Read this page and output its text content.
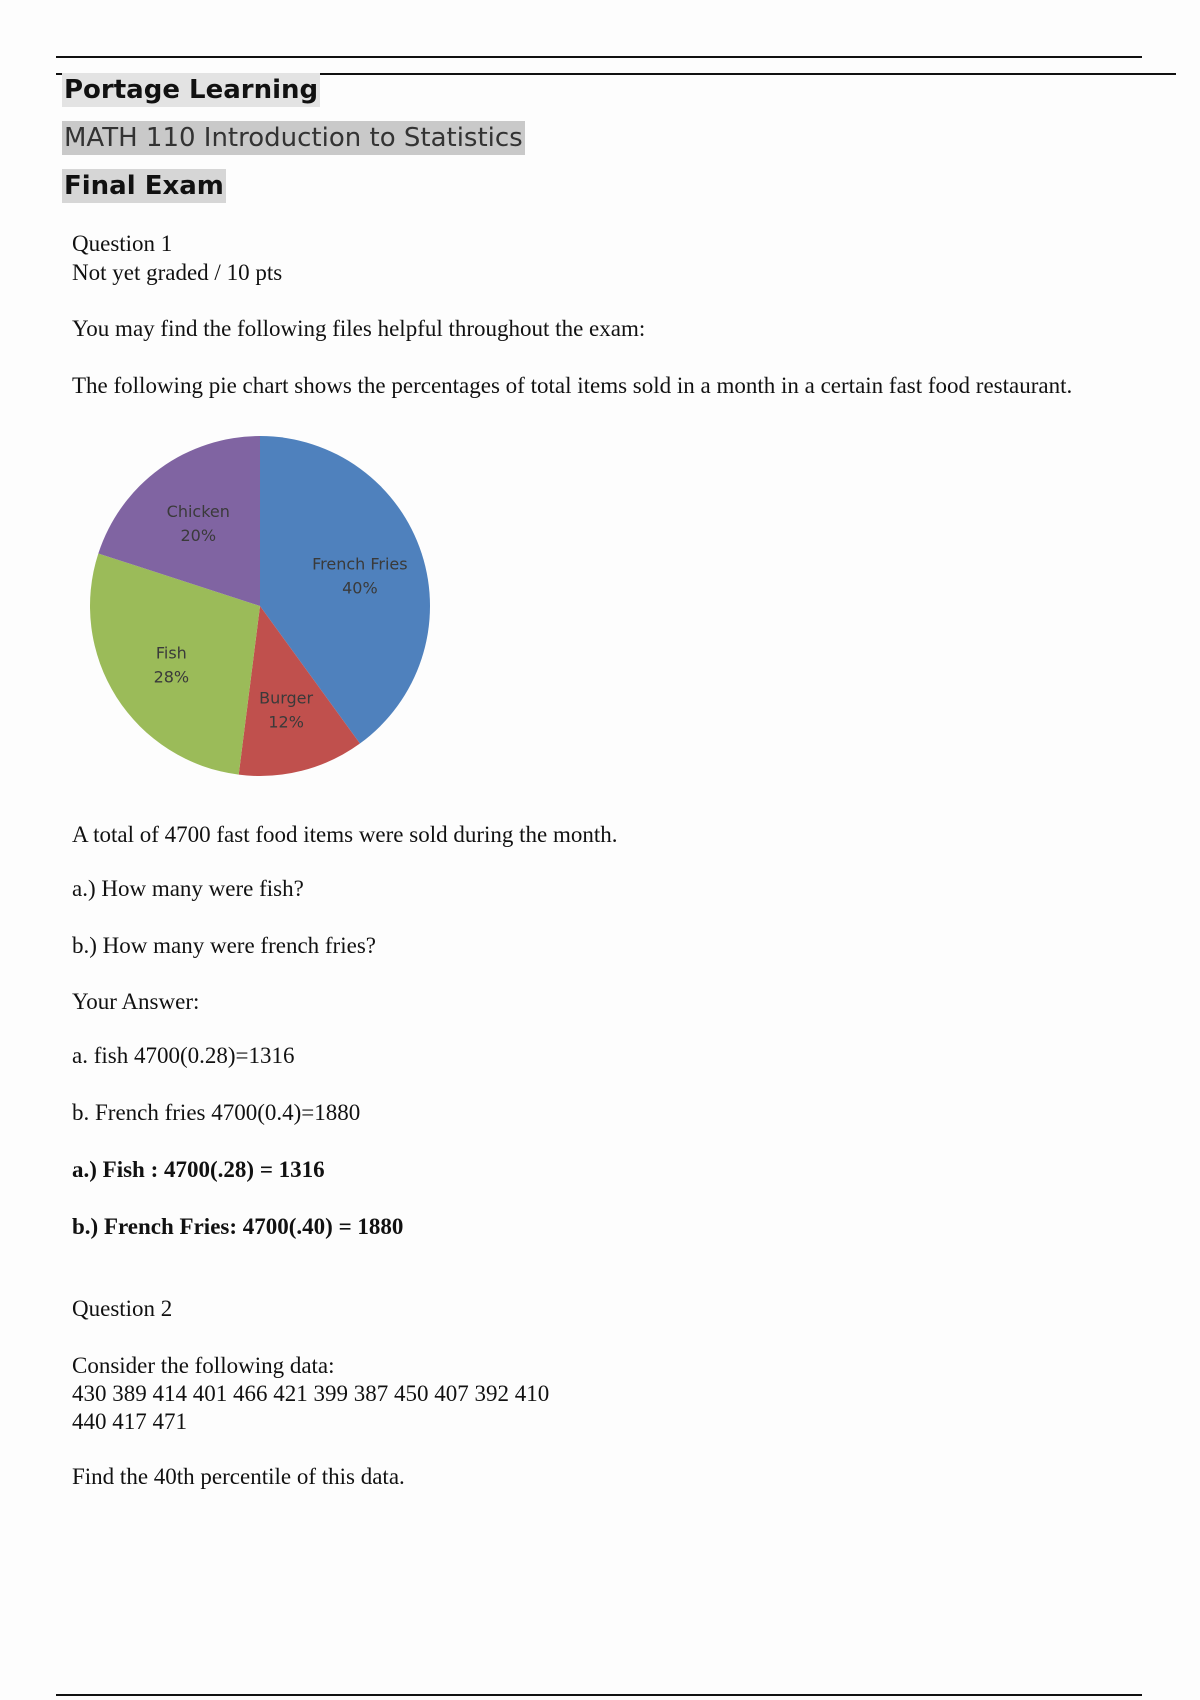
Portage Learning
MATH 110 Introduction to Statistics
Final Exam
Question 1
Not yet graded / 10 pts
You may find the following files helpful throughout the exam:
The following pie chart shows the percentages of total items sold in a month in a certain fast food restaurant.
French Fries 40%
Burger 12%
Fish 28%
Chicken 20%
A total of 4700 fast food items were sold during the month.
a.) How many were fish?
b.) How many were french fries?
Your Answer:
a. fish 4700(0.28)=1316
b. French fries 4700(0.4)=1880
a.) Fish : 4700(.28) = 1316
b.) French Fries: 4700(.40) = 1880
Question 2
Consider the following data:
430 389 414 401 466 421 399 387 450 407 392 410
440 417 471
Find the 40th percentile of this data.
